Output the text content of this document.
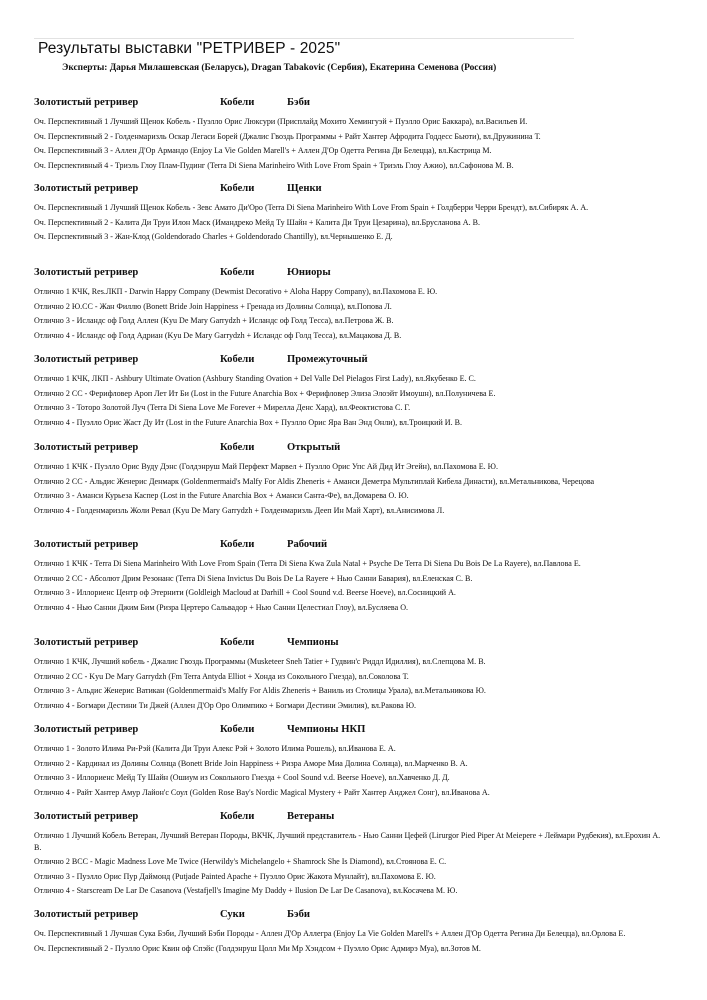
Результаты выставки "РЕТРИВЕР - 2025"
Эксперты: Дарья Милашевская (Беларусь), Dragan Tabakovic (Сербия), Екатерина Семенова (Россия)
Золотистый ретривер	Кобели	Бэби
Оч. Перспективный 1 Лучший Щенок Кобель - Пуэлло Орис Люксури (Присплайд Мохито Хемингуэй + Пуэлло Орис Баккара), вл.Васильев И.
Оч. Перспективный 2 - Голденмаризль Оскар Легаси Борей (Джалис Гвоздь Программы + Райт Хантер Афродита Годдесс Бьюти), вл.Дружинина Т.
Оч. Перспективный 3 - Аллен Д'Ор Армандо (Enjoy La Vie Golden Marell's + Аллен Д'Ор Одетта Регина Ди Белецца), вл.Кастрица М.
Оч. Перспективный 4 - Триэль Глоу Плам-Пудинг (Terra Di Siena Marinheiro With Love From Spain + Триэль Глоу Ажио), вл.Сафонова М. В.
Золотистый ретривер	Кобели	Щенки
Оч. Перспективный 1 Лучший Щенок Кобель - Зевс Амато Ди'Оро (Terra Di Siena Marinheiro With Love From Spain + Голдберри Черри Брендт), вл.Сибиряк А. А.
Оч. Перспективный 2 - Калита Ди Труи Илон Маск (Имандреко Мейд Ту Шайн + Калита Ди Труи Цезарина), вл.Брусланова А. В.
Оч. Перспективный 3 - Жан-Клод (Goldendorado Charles + Goldendorado Chantilly), вл.Чернышенко Е. Д.
Золотистый ретривер	Кобели	Юниоры
Отлично 1 КЧК, Res.ЛКП - Darwin Happy Company (Dewmist Decorativo + Aloha Happy Company), вл.Пахомова Е. Ю.
Отлично 2 Ю.СС - Жан Филлю (Bonett Bride Join Happiness + Гренада из Долины Солнца), вл.Попова Л.
Отлично 3 - Исландс оф Голд Аллен (Kyu De Mary Garrydzh + Исландс оф Голд Тесса), вл.Петрова Ж. В.
Отлично 4 - Исландс оф Голд Адриан (Kyu De Mary Garrydzh + Исландс оф Голд Тесса), вл.Мацакова Д. В.
Золотистый ретривер	Кобели	Промежуточный
Отлично 1 КЧК, ЛКП - Ashbury Ultimate Ovation (Ashbury Standing Ovation + Del Valle Del Pielagos First Lady), вл.Якубенко Е. С.
Отлично 2 СС - Ферифловер Ароп Лет Ит Би (Lost in the Future Anarchia Box + Ферифловер Элиза Элоэйт Имоушн), вл.Полуничева Е.
Отлично 3 - Тоторо Золотой Луч (Terra Di Siena Love Me Forever + Мирелла Денс Хард), вл.Феоктистова С. Г.
Отлично 4 - Пуэлло Орис Жаст Ду Ит (Lost in the Future Anarchia Box + Пуэлло Орис Яра Ван Энд Онли), вл.Троицкий И. В.
Золотистый ретривер	Кобели	Открытый
Отлично 1 КЧК - Пуэлло Орис Вуду Дэнс (Голдэнруш Май Перфект Марвел + Пуэлло Орис Упс Ай Дид Ит Эгейн), вл.Пахомова Е. Ю.
Отлично 2 СС - Альдис Женерис Денмарк (Goldenmermaid's Malfy For Aldis Zheneris + Аманси Деметра Мультиплай Кибела Династи), вл.Метальникова, Черецова
Отлично 3 - Аманси Курьеза Каспер (Lost in the Future Anarchia Box + Аманси Санта-Фе), вл.Домарева О. Ю.
Отлично 4 - Голденмаризль Жоли Ревал (Kyu De Mary Garrydzh + Голденмаризль Дееп Ин Май Харт), вл.Анисимова Л.
Золотистый ретривер	Кобели	Рабочий
Отлично 1 КЧК - Terra Di Siena Marinheiro With Love From Spain (Terra Di Siena Kwa Zula Natal + Psyche De Terra Di Siena Du Bois De La Rayere), вл.Павлова Е.
Отлично 2 СС - Абсолют Дрим Резонанс (Terra Di Siena Invictus Du Bois De La Rayere + Нью Санни Бавария), вл.Еленская С. В.
Отлично 3 - Иллориенс Центр оф Этернити (Goldleigh Macloud at Darhill + Cool Sound v.d. Beerse Hoeve), вл.Сосницкий А.
Отлично 4 - Нью Санни Джим Бим (Ризра Цертеро Сальвадор + Нью Санни Целестиал Глоу), вл.Бусляева О.
Золотистый ретривер	Кобели	Чемпионы
Отлично 1 КЧК, Лучший кобель - Джалис Гвоздь Программы (Musketeer Sneh Tatier + Гудвин'с Риддл Идиллия), вл.Слепцова М. В.
Отлично 2 СС - Kyu De Mary Garrydzh (Fm Terra Antyda Elliot + Хонда из Сокольного Гнезда), вл.Соколова Т.
Отлично 3 - Альдис Женерис Ватикан (Goldenmermaid's Malfy For Aldis Zheneris + Ваниль из Столицы Урала), вл.Метальникова Ю.
Отлично 4 - Богмари Дестини Ти Джей (Аллен Д'Ор Оро Олимпико + Богмари Дестини Эмилия), вл.Ракова Ю.
Золотистый ретривер	Кобели	Чемпионы НКП
Отлично 1 - Золото Илима Ри-Рэй (Калита Ди Труи Алекс Рэй + Золото Илима Рошель), вл.Иванова Е. А.
Отлично 2 - Кардинал из Долины Солнца (Bonett Bride Join Happiness + Ризра Аморе Миа Долина Солнца), вл.Марченко В. А.
Отлично 3 - Иллориенс Мейд Ту Шайн (Ошиум из Сокольного Гнезда + Cool Sound v.d. Beerse Hoeve), вл.Хавченко Д. Д.
Отлично 4 - Райт Хантер Амур Лайон'с Соул (Golden Rose Bay's Nordic Magical Mystery + Райт Хантер Анджел Сонг), вл.Иванова А.
Золотистый ретривер	Кобели	Ветераны
Отлично 1 Лучший Кобель Ветеран, Лучший Ветеран Породы, ВКЧК, Лучший представитель - Нью Санни Цефей (Lirurgor Pied Piper At Meiepere + Леймари Рудбекия), вл.Ерохин А. В.
Отлично 2 ВСС - Magic Madness Love Me Twice (Herwildy's Michelangelo + Shamrock She Is Diamond), вл.Стоянова Е. С.
Отлично 3 - Пуэлло Орис Пур Даймонд (Putjade Painted Apache + Пуэлло Орис Жакота Мунлайт), вл.Пахомова Е. Ю.
Отлично 4 - Starscream De Lar De Casanova (Vestafjell's Imagine My Daddy + Ilusion De Lar De Casanova), вл.Косачева М. Ю.
Золотистый ретривер	Суки	Бэби
Оч. Перспективный 1 Лучшая Сука Бэби, Лучший Бэби Породы - Аллен Д'Ор Аллегра (Enjoy La Vie Golden Marell's + Аллен Д'Ор Одетта Регина Ди Белецца), вл.Орлова Е.
Оч. Перспективный 2 - Пуэлло Орис Квин оф Спэйс (Голдэнруш Цолл Ми Мр Хэндсом + Пуэлло Орис Адмирэ Муа), вл.Зотов М.
